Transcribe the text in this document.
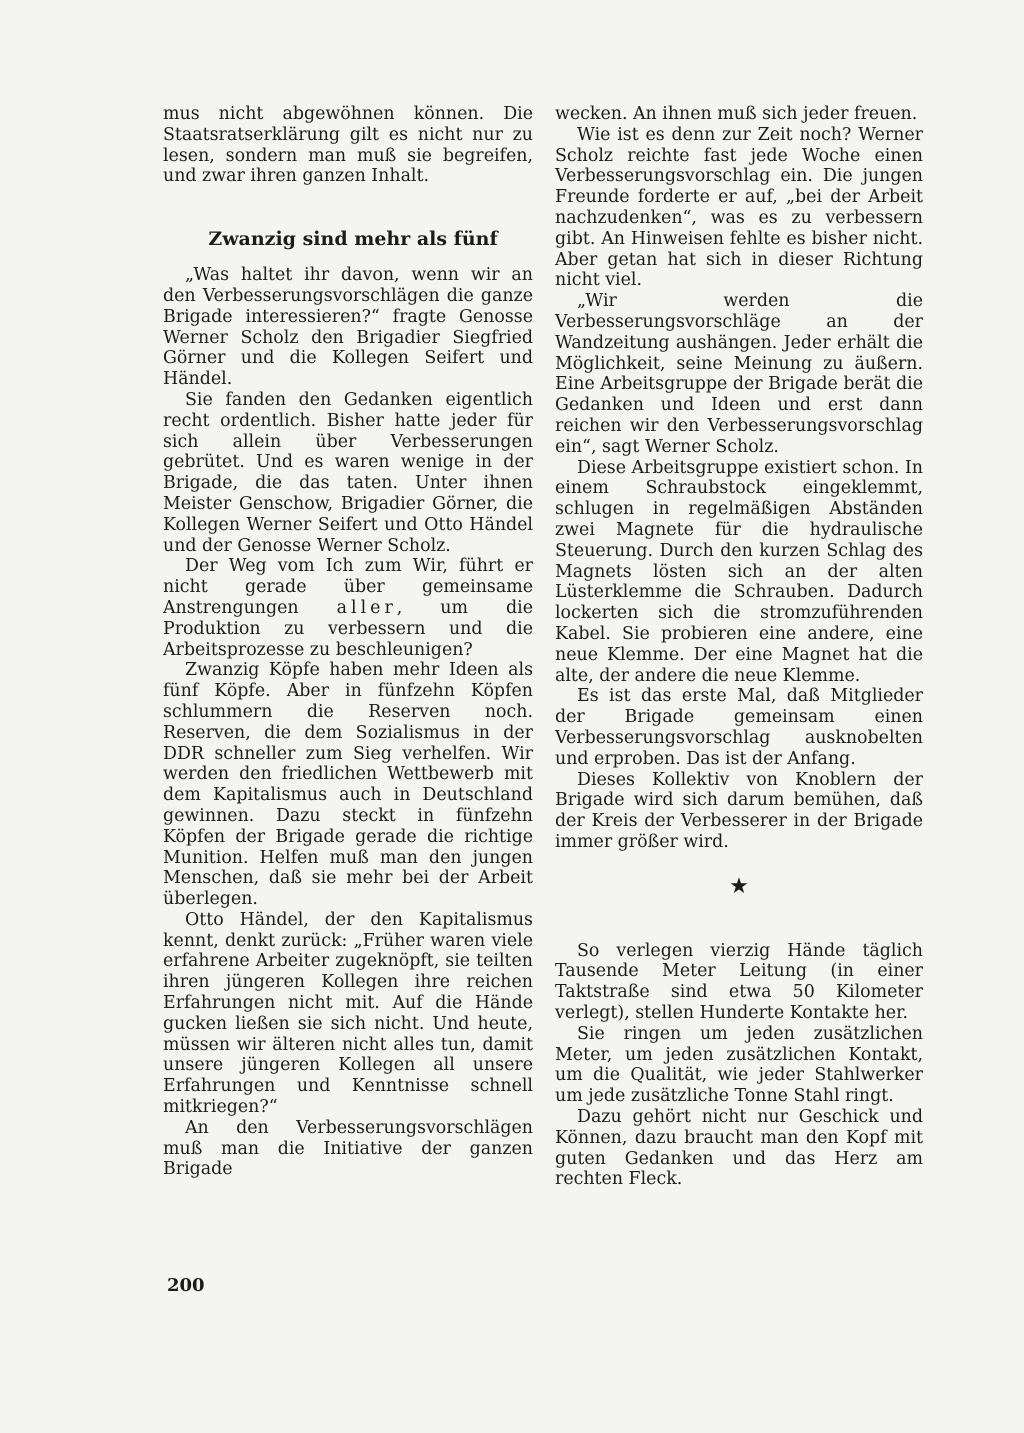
mus nicht abgewöhnen können. Die Staatsratserklärung gilt es nicht nur zu lesen, sondern man muß sie begreifen, und zwar ihren ganzen Inhalt.

Zwanzig sind mehr als fünf

„Was haltet ihr davon, wenn wir an den Verbesserungsvorschlägen die ganze Brigade interessieren?“ fragte Genosse Werner Scholz den Brigadier Siegfried Görner und die Kollegen Seifert und Händel.

Sie fanden den Gedanken eigentlich recht ordentlich. Bisher hatte jeder für sich allein über Verbesserungen gebrütet. Und es waren wenige in der Brigade, die das taten. Unter ihnen Meister Genschow, Brigadier Görner, die Kollegen Werner Seifert und Otto Händel und der Genosse Werner Scholz.

Der Weg vom Ich zum Wir, führt er nicht gerade über gemeinsame Anstrengungen aller, um die Produktion zu verbessern und die Arbeitsprozesse zu beschleunigen?

Zwanzig Köpfe haben mehr Ideen als fünf Köpfe. Aber in fünfzehn Köpfen schlummern die Reserven noch. Reserven, die dem Sozialismus in der DDR schneller zum Sieg verhelfen. Wir werden den friedlichen Wettbewerb mit dem Kapitalismus auch in Deutschland gewinnen. Dazu steckt in fünfzehn Köpfen der Brigade gerade die richtige Munition. Helfen muß man den jungen Menschen, daß sie mehr bei der Arbeit überlegen.

Otto Händel, der den Kapitalismus kennt, denkt zurück: „Früher waren viele erfahrene Arbeiter zugeknöpft, sie teilten ihren jüngeren Kollegen ihre reichen Erfahrungen nicht mit. Auf die Hände gucken ließen sie sich nicht. Und heute, müssen wir älteren nicht alles tun, damit unsere jüngeren Kollegen all unsere Erfahrungen und Kenntnisse schnell mitkriegen?“

An den Verbesserungsvorschlägen muß man die Initiative der ganzen Brigade

wecken. An ihnen muß sich jeder freuen.

Wie ist es denn zur Zeit noch? Werner Scholz reichte fast jede Woche einen Verbesserungsvorschlag ein. Die jungen Freunde forderte er auf, „bei der Arbeit nachzudenken“, was es zu verbessern gibt. An Hinweisen fehlte es bisher nicht. Aber getan hat sich in dieser Richtung nicht viel.

„Wir werden die Verbesserungsvorschläge an der Wandzeitung aushängen. Jeder erhält die Möglichkeit, seine Meinung zu äußern. Eine Arbeitsgruppe der Brigade berät die Gedanken und Ideen und erst dann reichen wir den Verbesserungsvorschlag ein“, sagt Werner Scholz.

Diese Arbeitsgruppe existiert schon. In einem Schraubstock eingeklemmt, schlugen in regelmäßigen Abständen zwei Magnete für die hydraulische Steuerung. Durch den kurzen Schlag des Magnets lösten sich an der alten Lüsterklemme die Schrauben. Dadurch lockerten sich die stromzuführenden Kabel. Sie probieren eine andere, eine neue Klemme. Der eine Magnet hat die alte, der andere die neue Klemme.

Es ist das erste Mal, daß Mitglieder der Brigade gemeinsam einen Verbesserungsvorschlag ausknobelten und erproben. Das ist der Anfang.

Dieses Kollektiv von Knoblern der Brigade wird sich darum bemühen, daß der Kreis der Verbesserer in der Brigade immer größer wird.

★

So verlegen vierzig Hände täglich Tausende Meter Leitung (in einer Taktstraße sind etwa 50 Kilometer verlegt), stellen Hunderte Kontakte her.

Sie ringen um jeden zusätzlichen Meter, um jeden zusätzlichen Kontakt, um die Qualität, wie jeder Stahlwerker um jede zusätzliche Tonne Stahl ringt.

Dazu gehört nicht nur Geschick und Können, dazu braucht man den Kopf mit guten Gedanken und das Herz am rechten Fleck.

200
